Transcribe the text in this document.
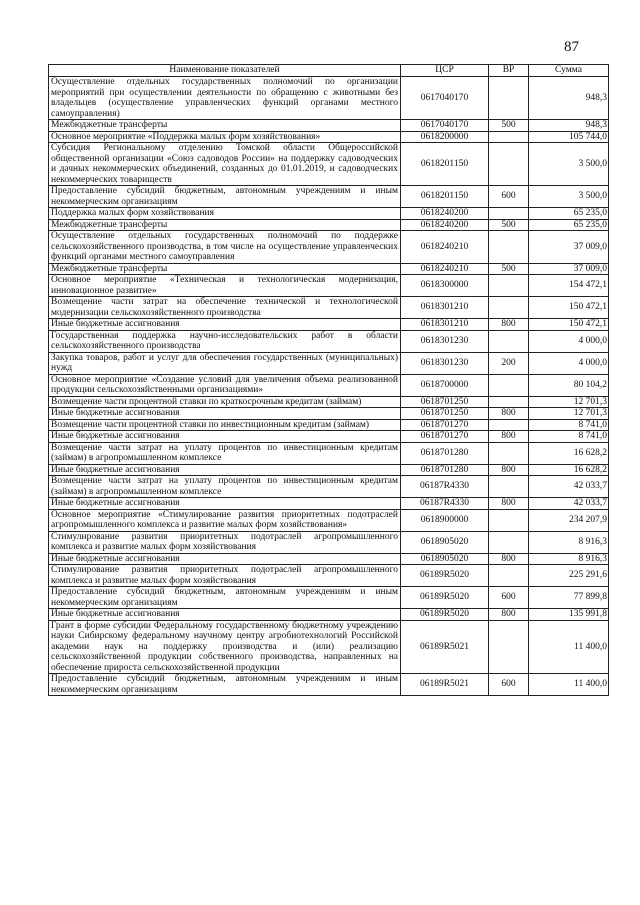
87
Наименование показателей	ЦСР	ВР	Сумма
Осуществление отдельных государственных полномочий по организации мероприятий при осуществлении деятельности по обращению с животными без владельцев (осуществление управленческих функций органами местного самоуправления)	0617040170		948,3
Межбюджетные трансферты	0617040170	500	948,3
Основное мероприятие «Поддержка малых форм хозяйствования»	0618200000		105 744,0
Субсидия Региональному отделению Томской области Общероссийской общественной организации «Союз садоводов России» на поддержку садоводческих и дачных некоммерческих объединений, созданных до 01.01.2019, и садоводческих некоммерческих товариществ	0618201150		3 500,0
Предоставление субсидий бюджетным, автономным учреждениям и иным некоммерческим организациям	0618201150	600	3 500,0
Поддержка малых форм хозяйствования	0618240200		65 235,0
Межбюджетные трансферты	0618240200	500	65 235,0
Осуществление отдельных государственных полномочий по поддержке сельскохозяйственного производства, в том числе на осуществление управленческих функций органами местного самоуправления	0618240210		37 009,0
Межбюджетные трансферты	0618240210	500	37 009,0
Основное мероприятие «Техническая и технологическая модернизация, инновационное развитие»	0618300000		154 472,1
Возмещение части затрат на обеспечение технической и технологической модернизации сельскохозяйственного производства	0618301210		150 472,1
Иные бюджетные ассигнования	0618301210	800	150 472,1
Государственная поддержка научно-исследовательских работ в области сельскохозяйственного производства	0618301230		4 000,0
Закупка товаров, работ и услуг для обеспечения государственных (муниципальных) нужд	0618301230	200	4 000,0
Основное мероприятие «Создание условий для увеличения объема реализованной продукции сельскохозяйственными организациями»	0618700000		80 104,2
Возмещение части процентной ставки по краткосрочным кредитам (займам)	0618701250		12 701,3
Иные бюджетные ассигнования	0618701250	800	12 701,3
Возмещение части процентной ставки по инвестиционным кредитам (займам)	0618701270		8 741,0
Иные бюджетные ассигнования	0618701270	800	8 741,0
Возмещение части затрат на уплату процентов по инвестиционным кредитам (займам) в агропромышленном комплексе	0618701280		16 628,2
Иные бюджетные ассигнования	0618701280	800	16 628,2
Возмещение части затрат на уплату процентов по инвестиционным кредитам (займам) в агропромышленном комплексе	06187R4330		42 033,7
Иные бюджетные ассигнования	06187R4330	800	42 033,7
Основное мероприятие «Стимулирование развития приоритетных подотраслей агропромышленного комплекса и развитие малых форм хозяйствования»	0618900000		234 207,9
Стимулирование развития приоритетных подотраслей агропромышленного комплекса и развитие малых форм хозяйствования	0618905020		8 916,3
Иные бюджетные ассигнования	0618905020	800	8 916,3
Стимулирование развития приоритетных подотраслей агропромышленного комплекса и развитие малых форм хозяйствования	06189R5020		225 291,6
Предоставление субсидий бюджетным, автономным учреждениям и иным некоммерческим организациям	06189R5020	600	77 899,8
Иные бюджетные ассигнования	06189R5020	800	135 991,8
Грант в форме субсидии Федеральному государственному бюджетному учреждению науки Сибирскому федеральному научному центру агробиотехнологий Российской академии наук на поддержку производства и (или) реализацию сельскохозяйственной продукции собственного производства, направленных на обеспечение прироста сельскохозяйственной продукции	06189R5021		11 400,0
Предоставление субсидий бюджетным, автономным учреждениям и иным некоммерческим организациям	06189R5021	600	11 400,0
